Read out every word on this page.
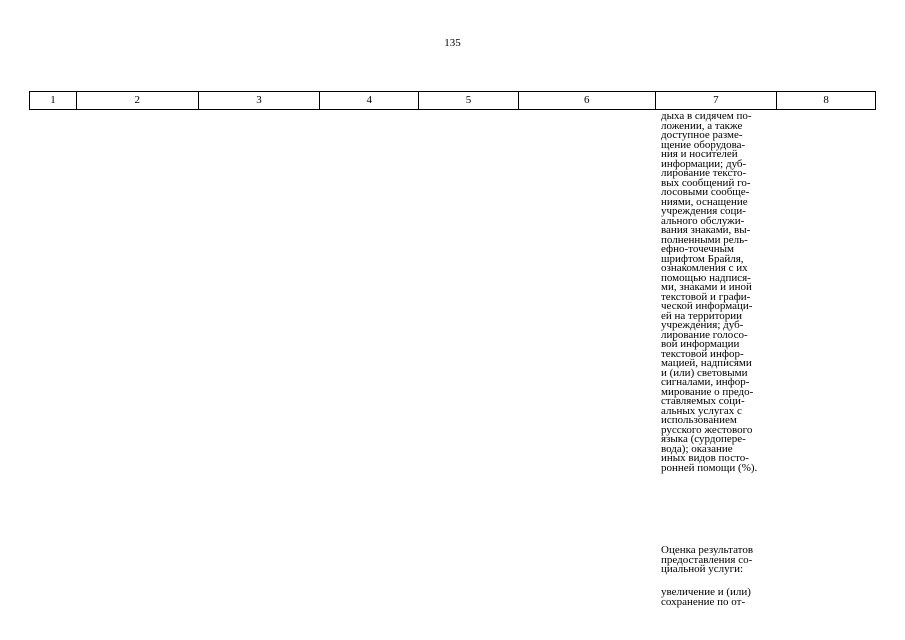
135
1	2	3	4	5	6	7	8
дыха в сидячем по-
ложении, а также
доступное разме-
щение оборудова-
ния и носителей
информации; дуб-
лирование тексто-
вых сообщений го-
лосовыми сообще-
ниями, оснащение
учреждения соци-
ального обслужи-
вания знаками, вы-
полненными рель-
ефно-точечным
шрифтом Брайля,
ознакомления с их
помощью надпися-
ми, знаками и иной
текстовой и графи-
ческой информаци-
ей на территории
учреждения; дуб-
лирование голосо-
вой информации
текстовой инфор-
мацией, надписями
и (или) световыми
сигналами, инфор-
мирование о предо-
ставляемых соци-
альных услугах с
использованием
русского жестового
языка (сурдопере-
вода); оказание
иных видов посто-
ронней помощи (%).
Оценка результатов
предоставления со-
циальной услуги:
увеличение и (или)
сохранение по от-
